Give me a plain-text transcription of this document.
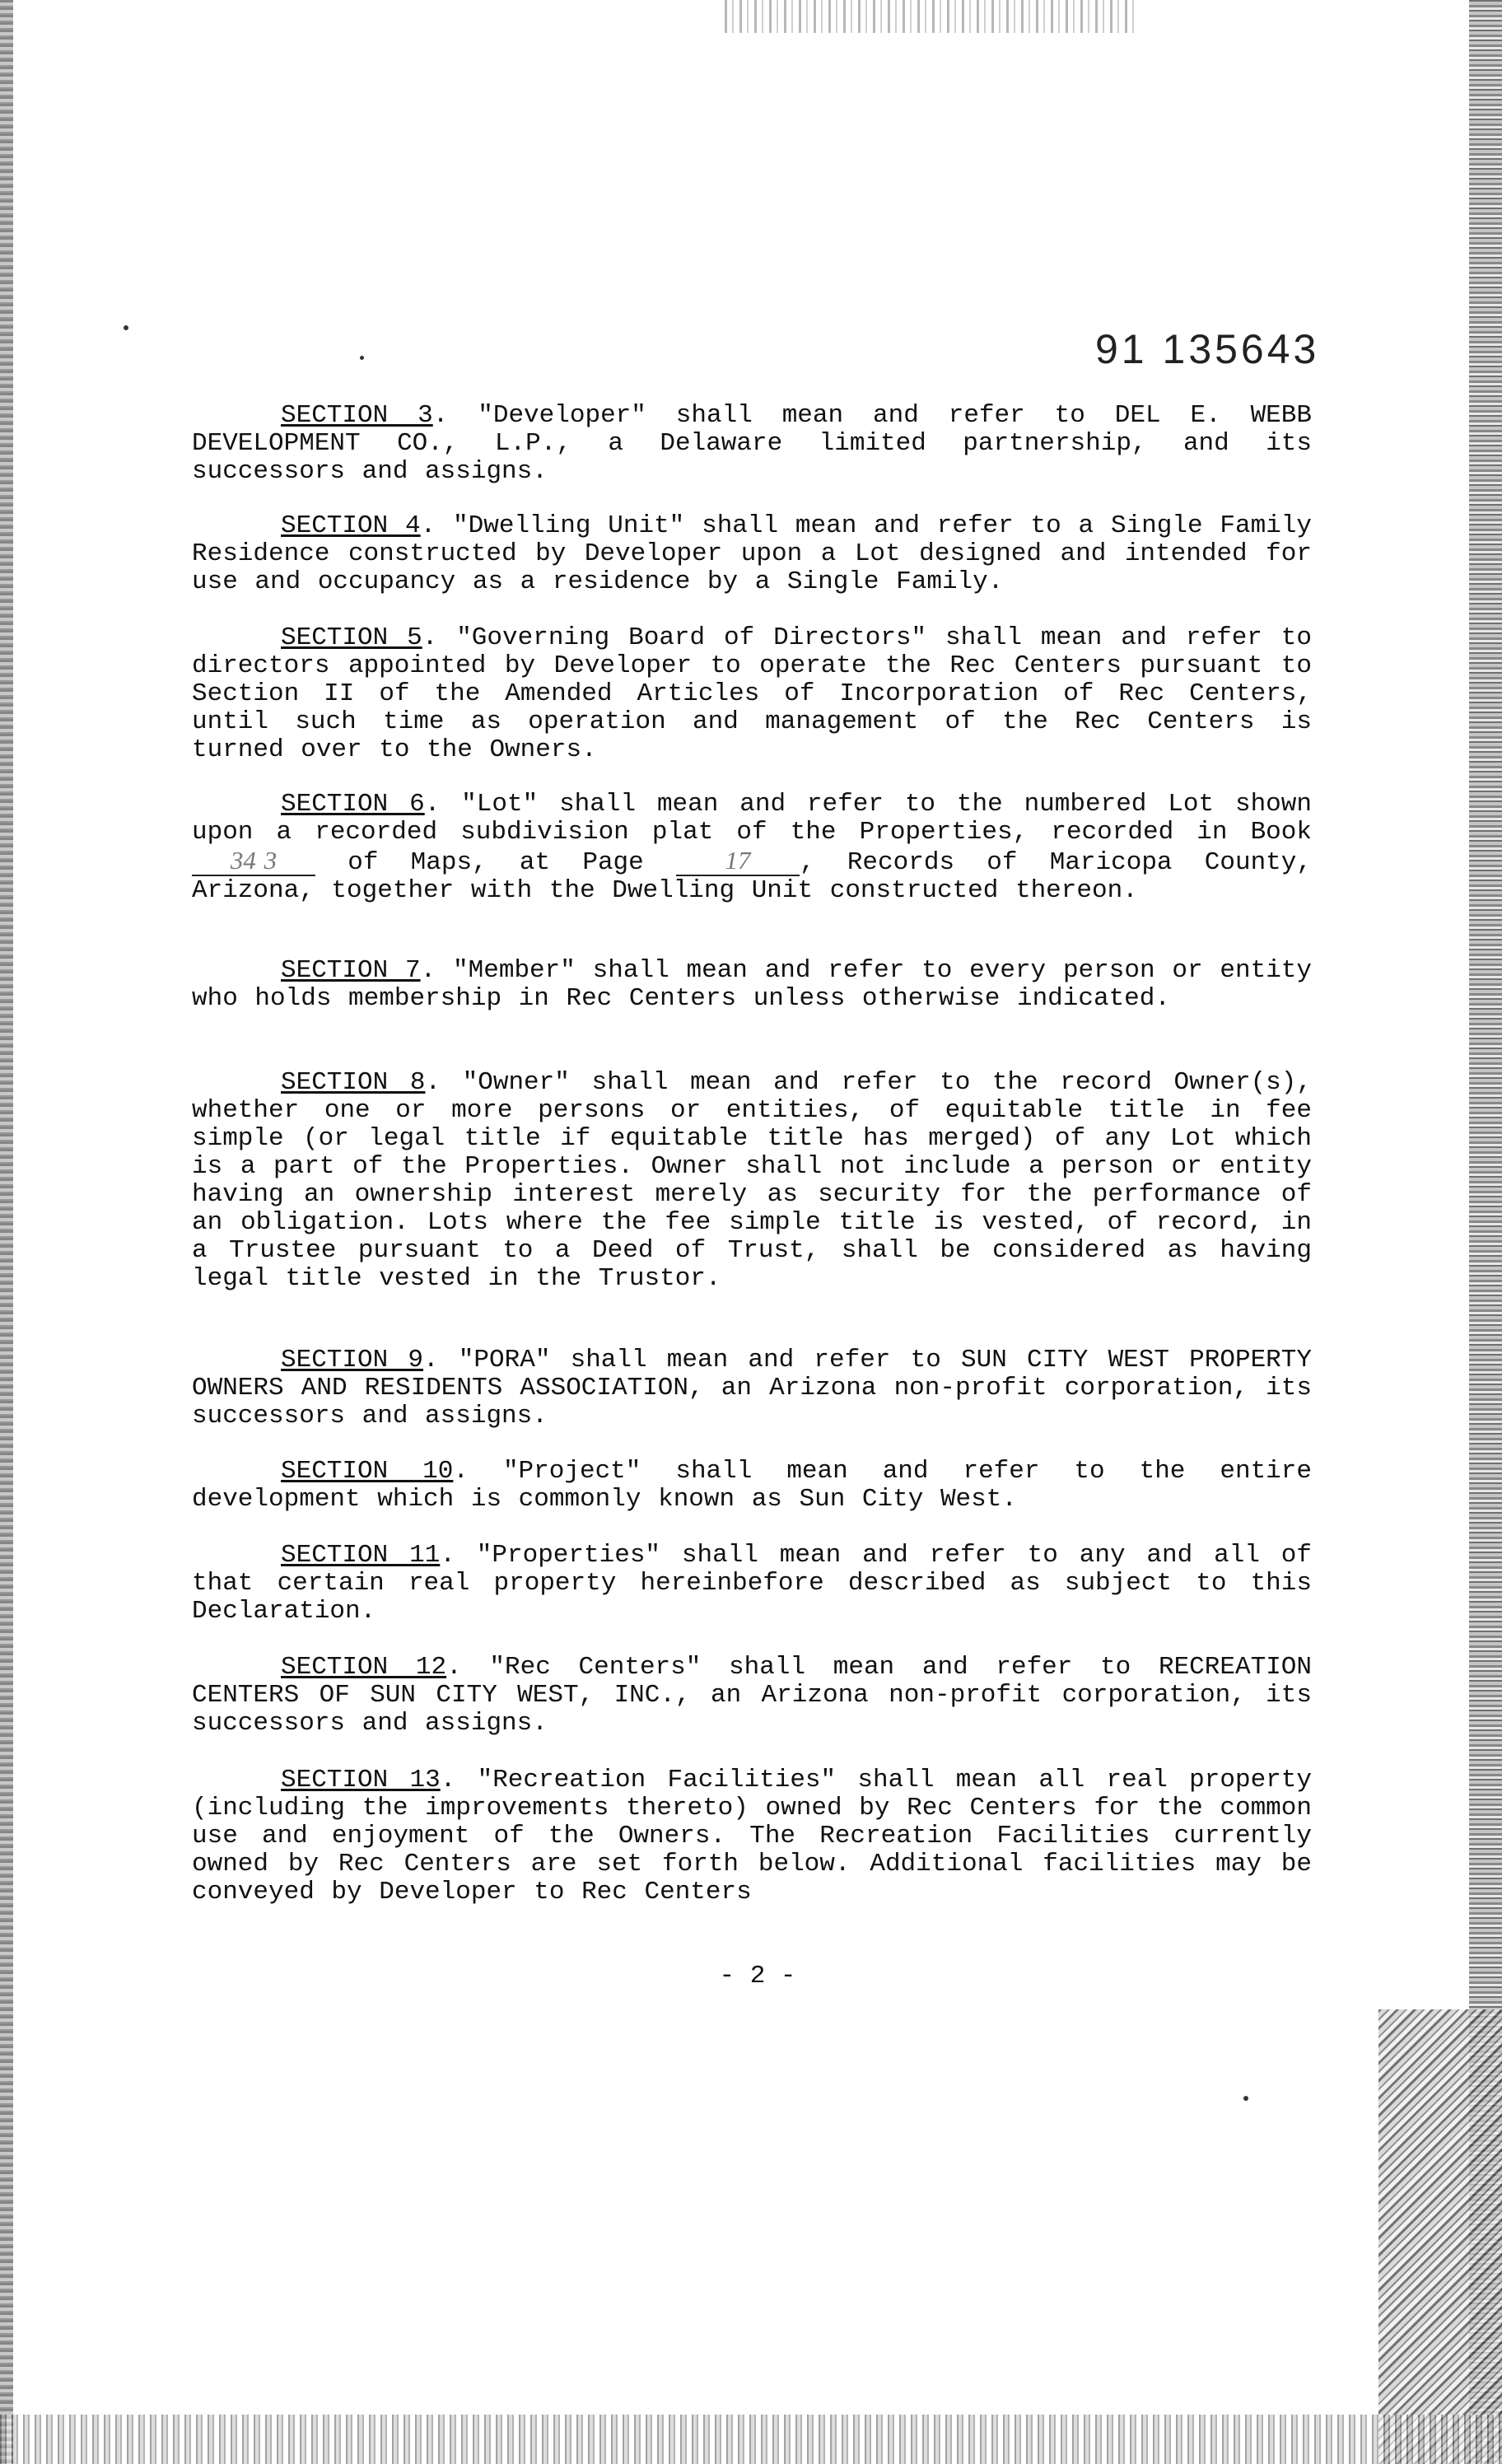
91 135643

SECTION 3. "Developer" shall mean and refer to DEL E. WEBB DEVELOPMENT CO., L.P., a Delaware limited partnership, and its successors and assigns.

SECTION 4. "Dwelling Unit" shall mean and refer to a Single Family Residence constructed by Developer upon a Lot designed and intended for use and occupancy as a residence by a Single Family.

SECTION 5. "Governing Board of Directors" shall mean and refer to directors appointed by Developer to operate the Rec Centers pursuant to Section II of the Amended Articles of Incorporation of Rec Centers, until such time as operation and management of the Rec Centers is turned over to the Owners.

SECTION 6. "Lot" shall mean and refer to the numbered Lot shown upon a recorded subdivision plat of the Properties, recorded in Book 34 3	of Maps, at Page	17 , Records of Maricopa County, Arizona, together with the Dwelling Unit constructed thereon.

SECTION 7. "Member" shall mean and refer to every person or entity who holds membership in Rec Centers unless otherwise indicated.

SECTION 8. "Owner" shall mean and refer to the record Owner(s), whether one or more persons or entities, of equitable title in fee simple (or legal title if equitable title has merged) of any Lot which is a part of the Properties. Owner shall not include a person or entity having an ownership interest merely as security for the performance of an obligation. Lots where the fee simple title is vested, of record, in a Trustee pursuant to a Deed of Trust, shall be considered as having legal title vested in the Trustor.

SECTION 9. "PORA" shall mean and refer to SUN CITY WEST PROPERTY OWNERS AND RESIDENTS ASSOCIATION, an Arizona non-profit corporation, its successors and assigns.

SECTION 10. "Project" shall mean and refer to the entire development which is commonly known as Sun City West.

SECTION 11. "Properties" shall mean and refer to any and all of that certain real property hereinbefore described as subject to this Declaration.

SECTION 12. "Rec Centers" shall mean and refer to RECREATION CENTERS OF SUN CITY WEST, INC., an Arizona non-profit corporation, its successors and assigns.

SECTION 13. "Recreation Facilities" shall mean all real property (including the improvements thereto) owned by Rec Centers for the common use and enjoyment of the Owners. The Recreation Facilities currently owned by Rec Centers are set forth below. Additional facilities may be conveyed by Developer to Rec Centers

- 2 -
